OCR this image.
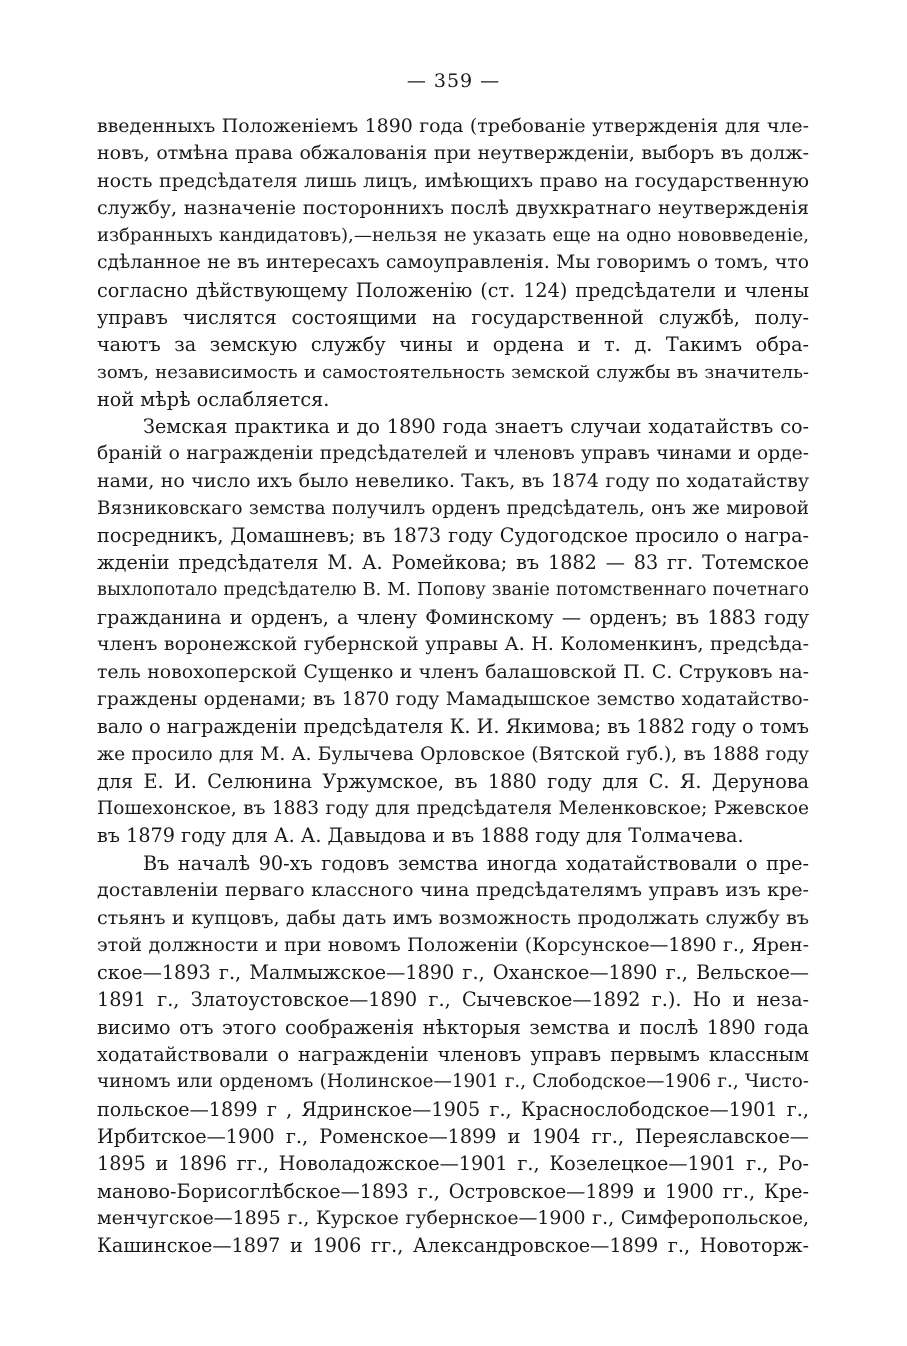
— 359 —
введенныхъ Положеніемъ 1890 года (требованіе утвержденія для чле-
новъ, отмѣна права обжалованія при неутвержденіи, выборъ въ долж-
ность предсѣдателя лишь лицъ, имѣющихъ право на государственную
службу, назначеніе постороннихъ послѣ двухкратнаго неутвержденія
избранныхъ кандидатовъ),—нельзя не указать еще на одно нововведеніе,
сдѣланное не въ интересахъ самоуправленія. Мы говоримъ о томъ, что
согласно дѣйствующему Положенію (ст. 124) предсѣдатели и члены
управъ числятся состоящими на государственной службѣ, полу-
чаютъ за земскую службу чины и ордена и т. д. Такимъ обра-
зомъ, независимость и самостоятельность земской службы въ значитель-
ной мѣрѣ ослабляется.
Земская практика и до 1890 года знаетъ случаи ходатайствъ со-
браній о награжденіи предсѣдателей и членовъ управъ чинами и орде-
нами, но число ихъ было невелико. Такъ, въ 1874 году по ходатайству
Вязниковскаго земства получилъ орденъ предсѣдатель, онъ же мировой
посредникъ, Домашневъ; въ 1873 году Судогодское просило о награ-
жденіи предсѣдателя М. А. Ромейкова; въ 1882 — 83 гг. Тотемское
выхлопотало предсѣдателю В. М. Попову званіе потомственнаго почетнаго
гражданина и орденъ, а члену Фоминскому — орденъ; въ 1883 году
членъ воронежской губернской управы А. Н. Коломенкинъ, предсѣда-
тель новохоперской Сущенко и членъ балашовской П. С. Струковъ на-
граждены орденами; въ 1870 году Мамадышское земство ходатайство-
вало о награжденіи предсѣдателя К. И. Якимова; въ 1882 году о томъ
же просило для М. А. Булычева Орловское (Вятской губ.), въ 1888 году
для Е. И. Селюнина Уржумское, въ 1880 году для С. Я. Дерунова
Пошехонское, въ 1883 году для предсѣдателя Меленковское; Ржевское
въ 1879 году для А. А. Давыдова и въ 1888 году для Толмачева.
Въ началѣ 90-хъ годовъ земства иногда ходатайствовали о пре-
доставленіи перваго классного чина предсѣдателямъ управъ изъ кре-
стьянъ и купцовъ, дабы дать имъ возможность продолжать службу въ
этой должности и при новомъ Положеніи (Корсунское—1890 г., Ярен-
ское—1893 г., Малмыжское—1890 г., Оханское—1890 г., Вельское—
1891 г., Златоустовское—1890 г., Сычевское—1892 г.). Но и неза-
висимо отъ этого соображенія нѣкторыя земства и послѣ 1890 года
ходатайствовали о награжденіи членовъ управъ первымъ классным
чиномъ или орденомъ (Нолинское—1901 г., Слободское—1906 г., Чисто-
польское—1899 г , Ядринское—1905 г., Краснослободское—1901 г.,
Ирбитское—1900 г., Роменское—1899 и 1904 гг., Переяславское—
1895 и 1896 гг., Новоладожское—1901 г., Козелецкое—1901 г., Ро-
маново-Борисоглѣбское—1893 г., Островское—1899 и 1900 гг., Кре-
менчугское—1895 г., Курское губернское—1900 г., Симферопольское,
Кашинское—1897 и 1906 гг., Александровское—1899 г., Новоторж-
